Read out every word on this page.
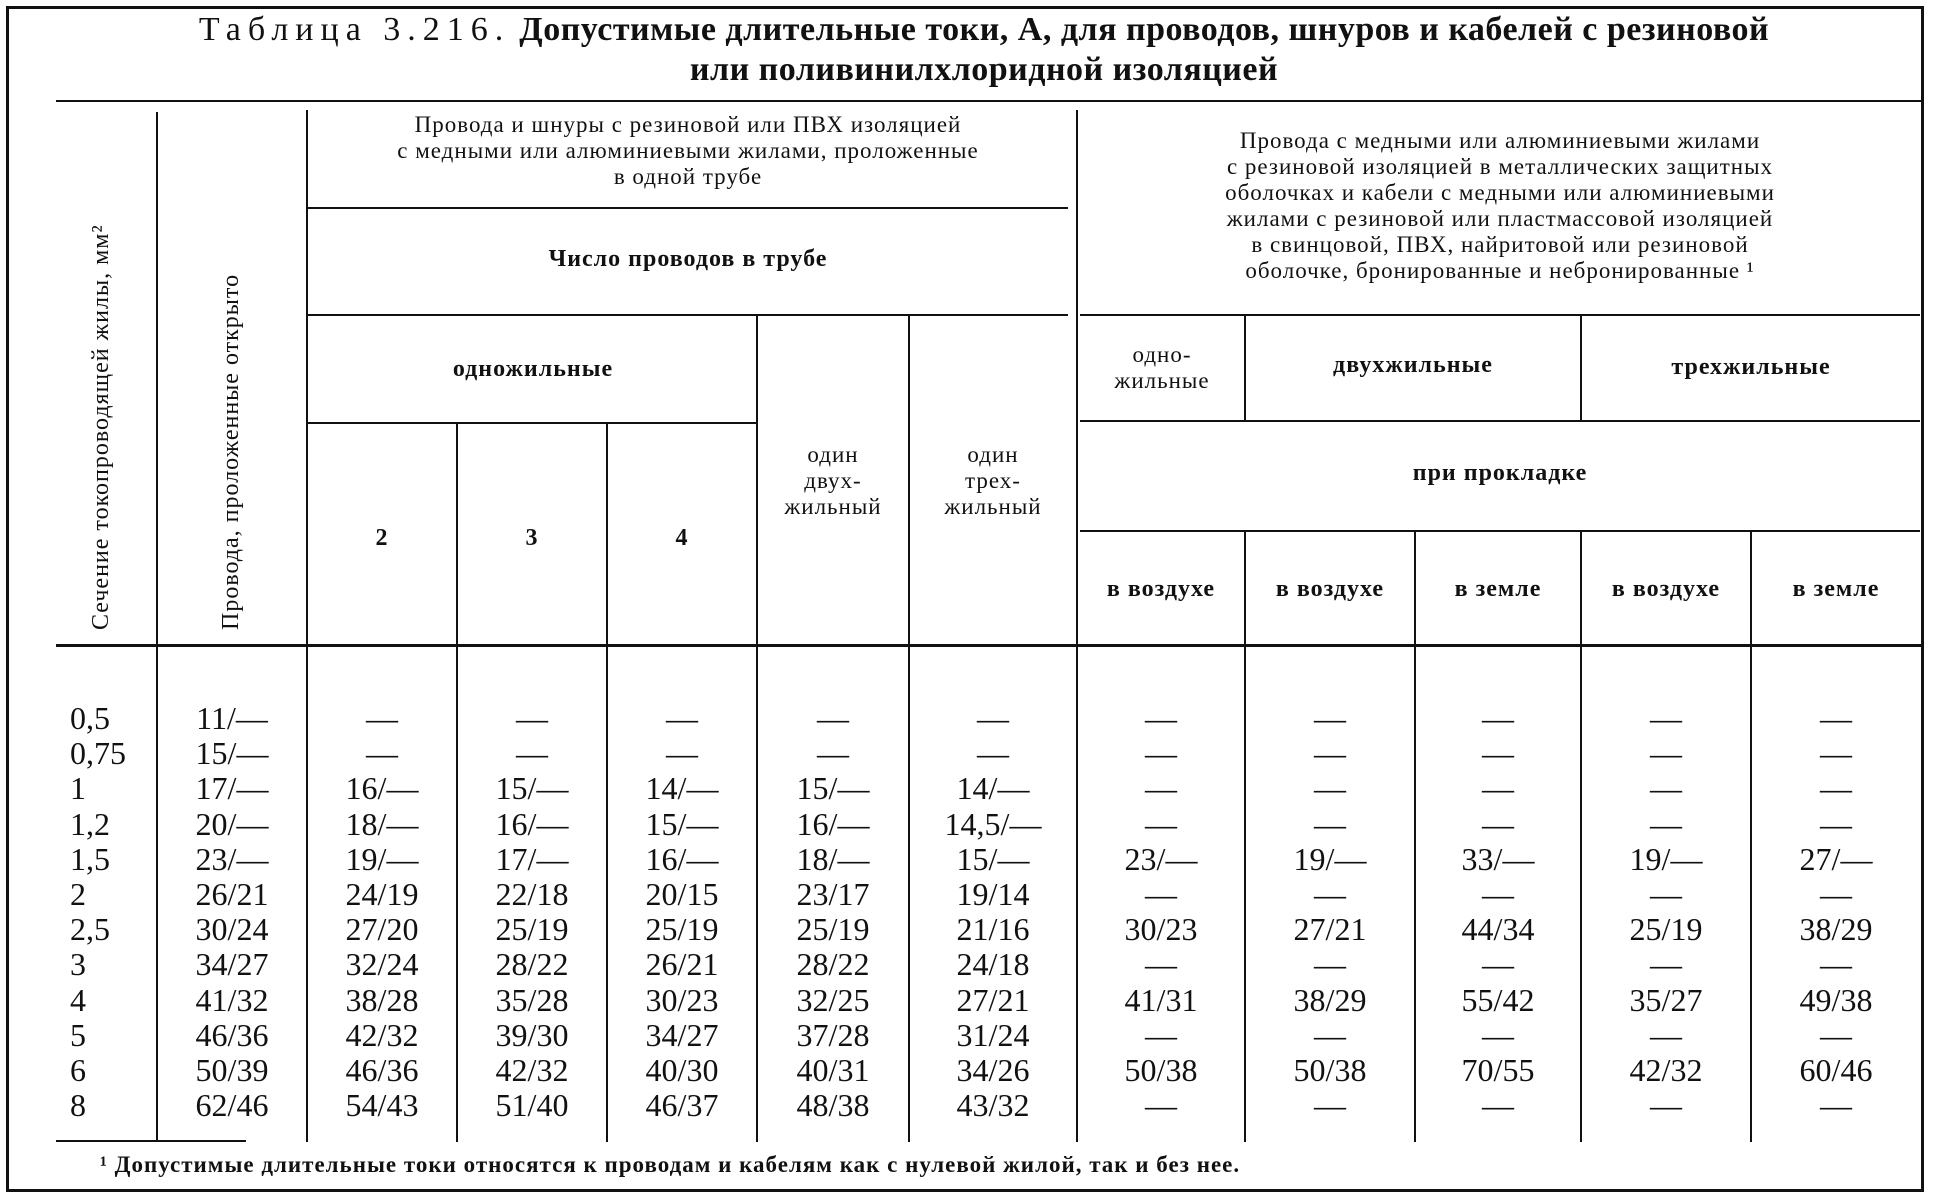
Таблица 3.216. Допустимые длительные токи, А, для проводов, шнуров и кабелей с резиновой
или поливинилхлоридной изоляцией
Сечение токопроводящей жилы, мм²	Провода, проложенные открыто
Провода и шнуры с резиновой или ПВХ изоляцией
с медными или алюминиевыми жилами, проложенные
в одной трубе
Число проводов в трубе
одножильные
2	3	4
один
двух-
жильный
один
трех-
жильный
Провода с медными или алюминиевыми жилами
с резиновой изоляцией в металлических защитных
оболочках и кабели с медными или алюминиевыми
жилами с резиновой или пластмассовой изоляцией
в свинцовой, ПВХ, найритовой или резиновой
оболочке, бронированные и небронированные ¹
одно-
жильные
двухжильные	трехжильные
при прокладке
в воздухе	в воздухе	в земле	в воздухе	в земле
0,5	11/—	—	—	—	—	—	—	—	—	—	—
0,75	15/—	—	—	—	—	—	—	—	—	—	—
1	17/—	16/—	15/—	14/—	15/—	14/—	—	—	—	—	—
1,2	20/—	18/—	16/—	15/—	16/—	14,5/—	—	—	—	—	—
1,5	23/—	19/—	17/—	16/—	18/—	15/—	23/—	19/—	33/—	19/—	27/—
2	26/21	24/19	22/18	20/15	23/17	19/14	—	—	—	—	—
2,5	30/24	27/20	25/19	25/19	25/19	21/16	30/23	27/21	44/34	25/19	38/29
3	34/27	32/24	28/22	26/21	28/22	24/18	—	—	—	—	—
4	41/32	38/28	35/28	30/23	32/25	27/21	41/31	38/29	55/42	35/27	49/38
5	46/36	42/32	39/30	34/27	37/28	31/24	—	—	—	—	—
6	50/39	46/36	42/32	40/30	40/31	34/26	50/38	50/38	70/55	42/32	60/46
8	62/46	54/43	51/40	46/37	48/38	43/32	—	—	—	—	—
¹ Допустимые длительные токи относятся к проводам и кабелям как с нулевой жилой, так и без нее.
